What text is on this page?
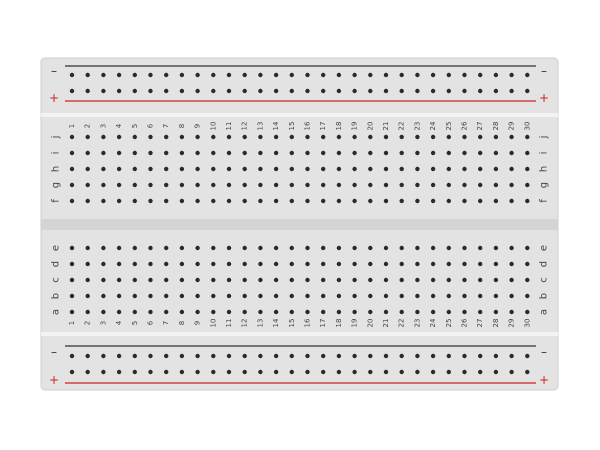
–	–
+	+
–	–
+	+
1
1
2
2
3
3
4
4
5
5
6
6
7
7
8
8
9
9
10
10
11
11
12
12
13
13
14
14
15
15
16
16
17
17
18
18
19
19
20
20
21
21
22
22
23
23
24
24
25
25
26
26
27
27
28
28
29
29
30
30
j	j
i	i
h	h
g	g
f	f
e	e
d	d
c	c
b	b
a	a
